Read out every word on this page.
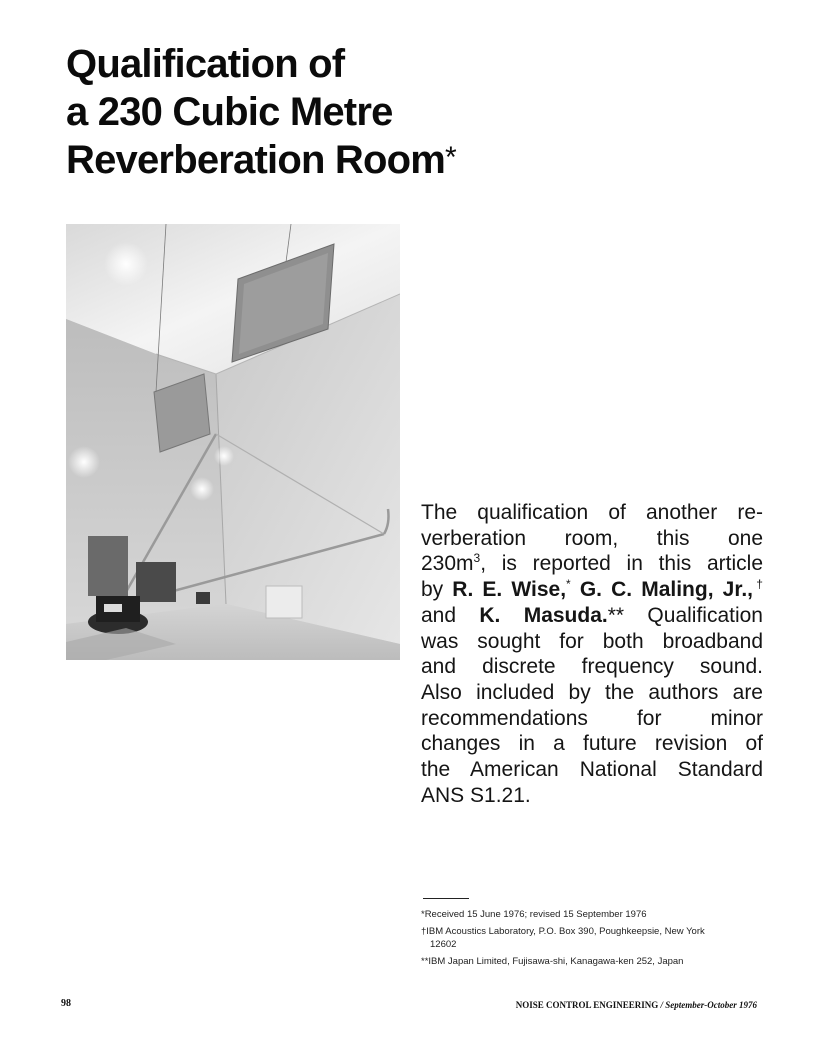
Qualification of
a 230 Cubic Metre
Reverberation Room*
The qualification of another re-
verberation room, this one
$230m^3$, is reported in this article
by R. E. Wise,* G. C. Maling, Jr.,†
and K. Masuda.** Qualification
was sought for both broadband
and discrete frequency sound.
Also included by the authors are
recommendations for minor
changes in a future revision of
the American National Standard
ANS S1.21.
*Received 15 June 1976; revised 15 September 1976
†IBM Acoustics Laboratory, P.O. Box 390, Poughkeepsie, New York
12602
**IBM Japan Limited, Fujisawa-shi, Kanagawa-ken 252, Japan
98	NOISE CONTROL ENGINEERING / September-October 1976
